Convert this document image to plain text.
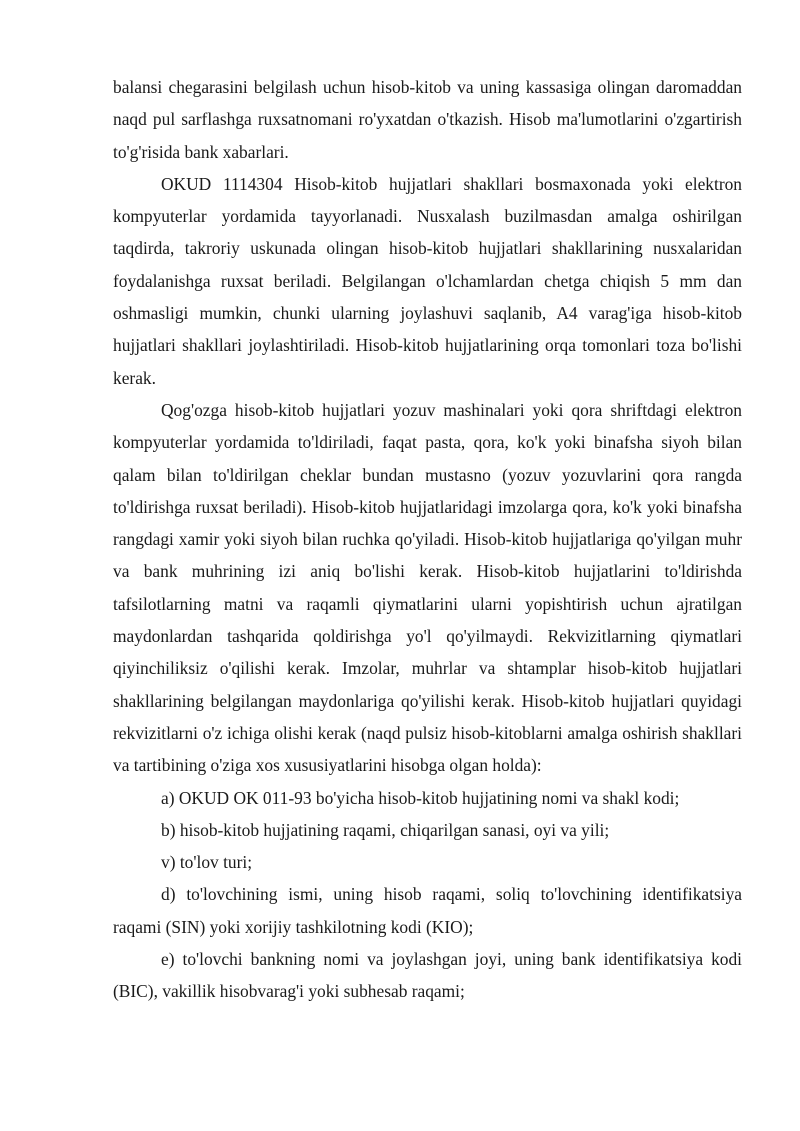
balansi chegarasini belgilash uchun hisob-kitob va uning kassasiga olingan daromaddan naqd pul sarflashga ruxsatnomani ro'yxatdan o'tkazish. Hisob ma'lumotlarini o'zgartirish to'g'risida bank xabarlari.

OKUD 1114304 Hisob-kitob hujjatlari shakllari bosmaxonada yoki elektron kompyuterlar yordamida tayyorlanadi. Nusxalash buzilmasdan amalga oshirilgan taqdirda, takroriy uskunada olingan hisob-kitob hujjatlari shakllarining nusxalaridan foydalanishga ruxsat beriladi. Belgilangan o'lchamlardan chetga chiqish 5 mm dan oshmasligi mumkin, chunki ularning joylashuvi saqlanib, A4 varag'iga hisob-kitob hujjatlari shakllari joylashtiriladi. Hisob-kitob hujjatlarining orqa tomonlari toza bo'lishi kerak.

Qog'ozga hisob-kitob hujjatlari yozuv mashinalari yoki qora shriftdagi elektron kompyuterlar yordamida to'ldiriladi, faqat pasta, qora, ko'k yoki binafsha siyoh bilan qalam bilan to'ldirilgan cheklar bundan mustasno (yozuv yozuvlarini qora rangda to'ldirishga ruxsat beriladi). Hisob-kitob hujjatlaridagi imzolarga qora, ko'k yoki binafsha rangdagi xamir yoki siyoh bilan ruchka qo'yiladi. Hisob-kitob hujjatlariga qo'yilgan muhr va bank muhrining izi aniq bo'lishi kerak. Hisob-kitob hujjatlarini to'ldirishda tafsilotlarning matni va raqamli qiymatlarini ularni yopishtirish uchun ajratilgan maydonlardan tashqarida qoldirishga yo'l qo'yilmaydi. Rekvizitlarning qiymatlari qiyinchiliksiz o'qilishi kerak. Imzolar, muhrlar va shtamplar hisob-kitob hujjatlari shakllarining belgilangan maydonlariga qo'yilishi kerak. Hisob-kitob hujjatlari quyidagi rekvizitlarni o'z ichiga olishi kerak (naqd pulsiz hisob-kitoblarni amalga oshirish shakllari va tartibining o'ziga xos xususiyatlarini hisobga olgan holda):

a) OKUD OK 011-93 bo'yicha hisob-kitob hujjatining nomi va shakl kodi;

b) hisob-kitob hujjatining raqami, chiqarilgan sanasi, oyi va yili;

v) to'lov turi;

d) to'lovchining ismi, uning hisob raqami, soliq to'lovchining identifikatsiya raqami (SIN) yoki xorijiy tashkilotning kodi (KIO);

e) to'lovchi bankning nomi va joylashgan joyi, uning bank identifikatsiya kodi (BIC), vakillik hisobvarag'i yoki subhesab raqami;
